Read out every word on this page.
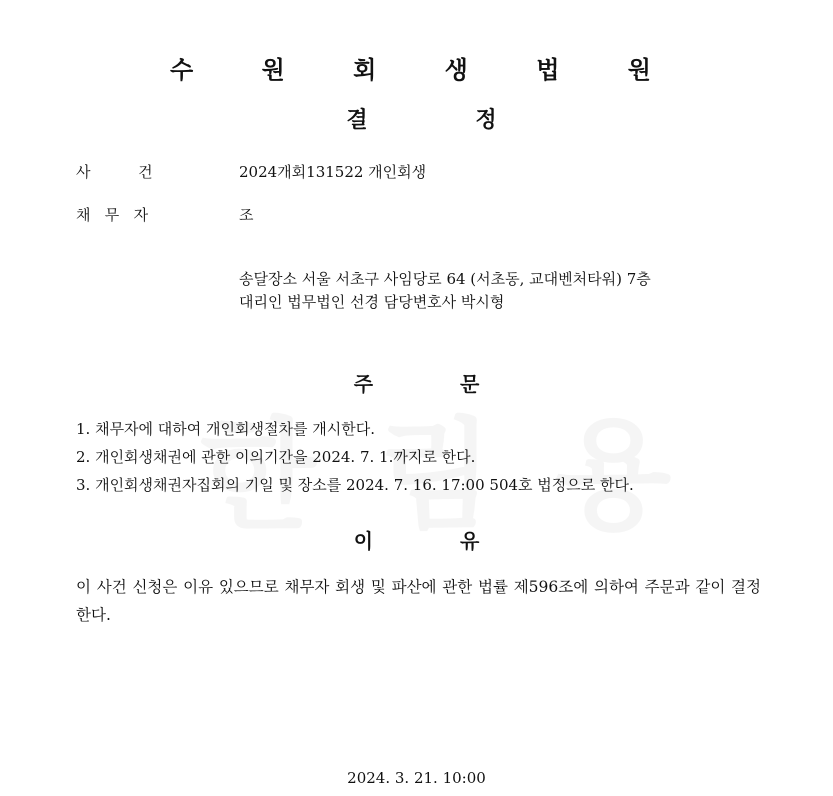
수 원 회 생 법 원
결 정
사          건	2024개회131522 개인회생
채   무   자	조
송달장소 서울 서초구 사임당로 64 (서초동, 교대벤처타워) 7층
대리인 법무법인 선경 담당변호사 박시형
주 문
1. 채무자에 대하여 개인회생절차를 개시한다.
2. 개인회생채권에 관한 이의기간을 2024. 7. 1.까지로 한다.
3. 개인회생채권자집회의 기일 및 장소를 2024. 7. 16. 17:00 504호 법정으로 한다.
이 유
이 사건 신청은 이유 있으므로 채무자 회생 및 파산에 관한 법률 제596조에 의하여 주문과 같이 결정한다.
2024. 3. 21. 10:00
